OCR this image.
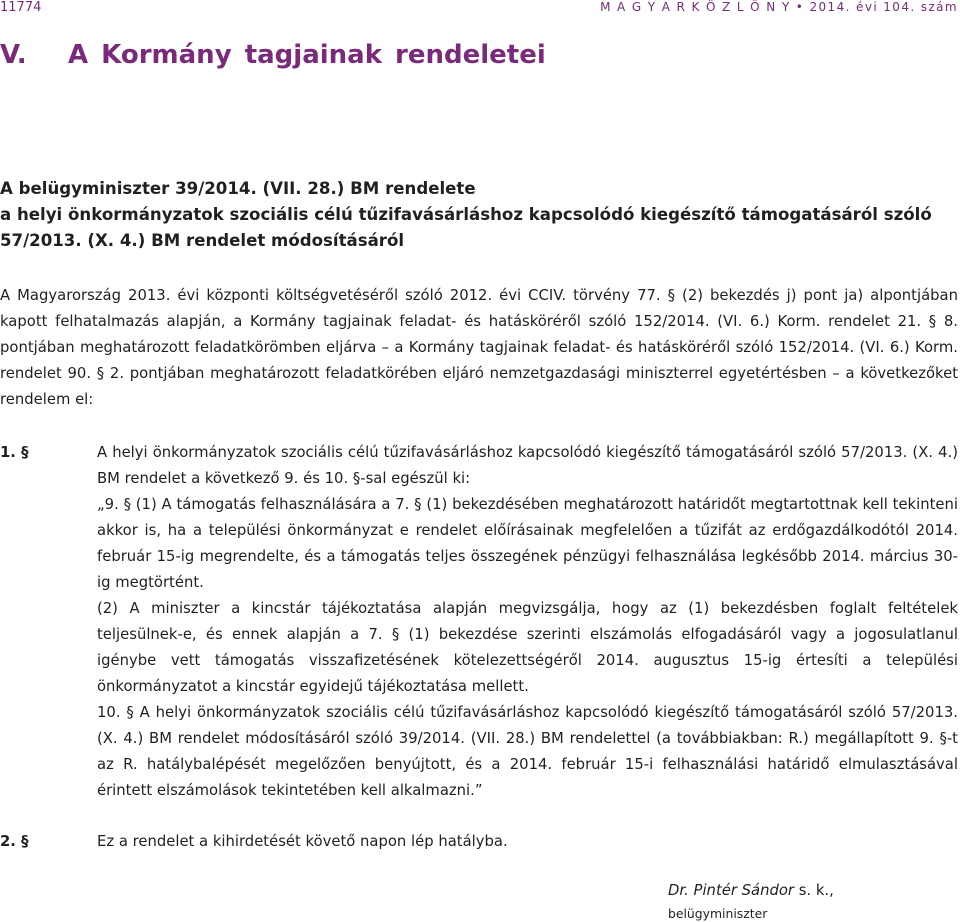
11774	M A G Y A R K Ö Z L Ö N Y • 2014. évi 104. szám
V. A Kormány tagjainak rendeletei
A belügyminiszter 39/2014. (VII. 28.) BM rendelete
a helyi önkormányzatok szociális célú tűzifavásárláshoz kapcsolódó kiegészítő támogatásáról szóló
57/2013. (X. 4.) BM rendelet módosításáról

A Magyarország 2013. évi központi költségvetéséről szóló 2012. évi CCIV. törvény 77. § (2) bekezdés j) pont ja) alpontjában kapott felhatalmazás alapján, a Kormány tagjainak feladat- és hatásköréről szóló 152/2014. (VI. 6.) Korm. rendelet 21. § 8. pontjában meghatározott feladatkörömben eljárva – a Kormány tagjainak feladat- és hatásköréről szóló 152/2014. (VI. 6.) Korm. rendelet 90. § 2. pontjában meghatározott feladatkörében eljáró nemzetgazdasági miniszterrel egyetértésben – a következőket rendelem el:

1. §	A helyi önkormányzatok szociális célú tűzifavásárláshoz kapcsolódó kiegészítő támogatásáról szóló 57/2013. (X. 4.) BM rendelet a következő 9. és 10. §-sal egészül ki:

„9. § (1) A támogatás felhasználására a 7. § (1) bekezdésében meghatározott határidőt megtartottnak kell tekinteni akkor is, ha a települési önkormányzat e rendelet előírásainak megfelelően a tűzifát az erdőgazdálkodótól 2014. február 15-ig megrendelte, és a támogatás teljes összegének pénzügyi felhasználása legkésőbb 2014. március 30-ig megtörtént.

(2) A miniszter a kincstár tájékoztatása alapján megvizsgálja, hogy az (1) bekezdésben foglalt feltételek teljesülnek-e, és ennek alapján a 7. § (1) bekezdése szerinti elszámolás elfogadásáról vagy a jogosulatlanul igénybe vett támogatás visszafizetésének kötelezettségéről 2014. augusztus 15-ig értesíti a települési önkormányzatot a kincstár egyidejű tájékoztatása mellett.

10. § A helyi önkormányzatok szociális célú tűzifavásárláshoz kapcsolódó kiegészítő támogatásáról szóló 57/2013. (X. 4.) BM rendelet módosításáról szóló 39/2014. (VII. 28.) BM rendelettel (a továbbiakban: R.) megállapított 9. §-t az R. hatálybalépését megelőzően benyújtott, és a 2014. február 15-i felhasználási határidő elmulasztásával érintett elszámolások tekintetében kell alkalmazni.”

2. §	Ez a rendelet a kihirdetését követő napon lép hatályba.

Dr. Pintér Sándor s. k.,
belügyminiszter
